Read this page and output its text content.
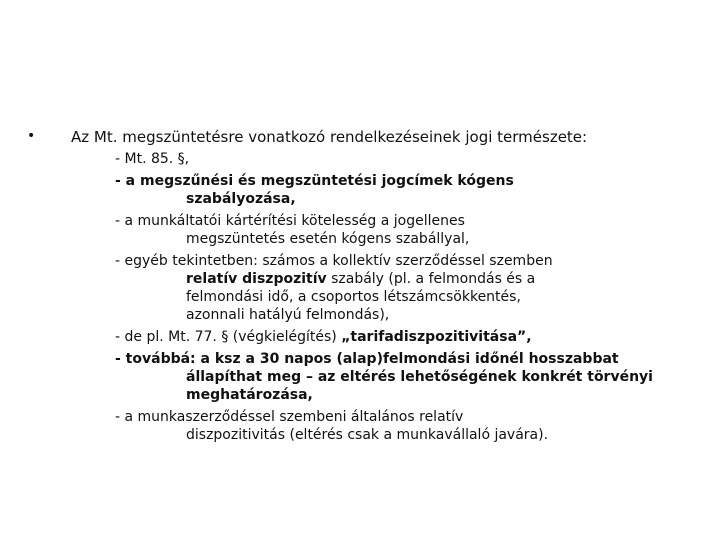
• Az Mt. megszüntetésre vonatkozó rendelkezéseinek jogi természete:
- Mt. 85. §,
- a megszűnési és megszüntetési jogcímek kógens
szabályozása,
- a munkáltatói kártérítési kötelesség a jogellenes
megszüntetés esetén kógens szabállyal,
- egyéb tekintetben: számos a kollektív szerződéssel szemben
relatív diszpozitív szabály (pl. a felmondás és a
felmondási idő, a csoportos létszámcsökkentés,
azonnali hatályú felmondás),
- de pl. Mt. 77. § (végkielégítés) „tarifadiszpozitivitása”,
- továbbá: a ksz a 30 napos (alap)felmondási időnél hosszabbat
állapíthat meg – az eltérés lehetőségének konkrét törvényi
meghatározása,
- a munkaszerződéssel szembeni általános relatív
diszpozitivitás (eltérés csak a munkavállaló javára).
